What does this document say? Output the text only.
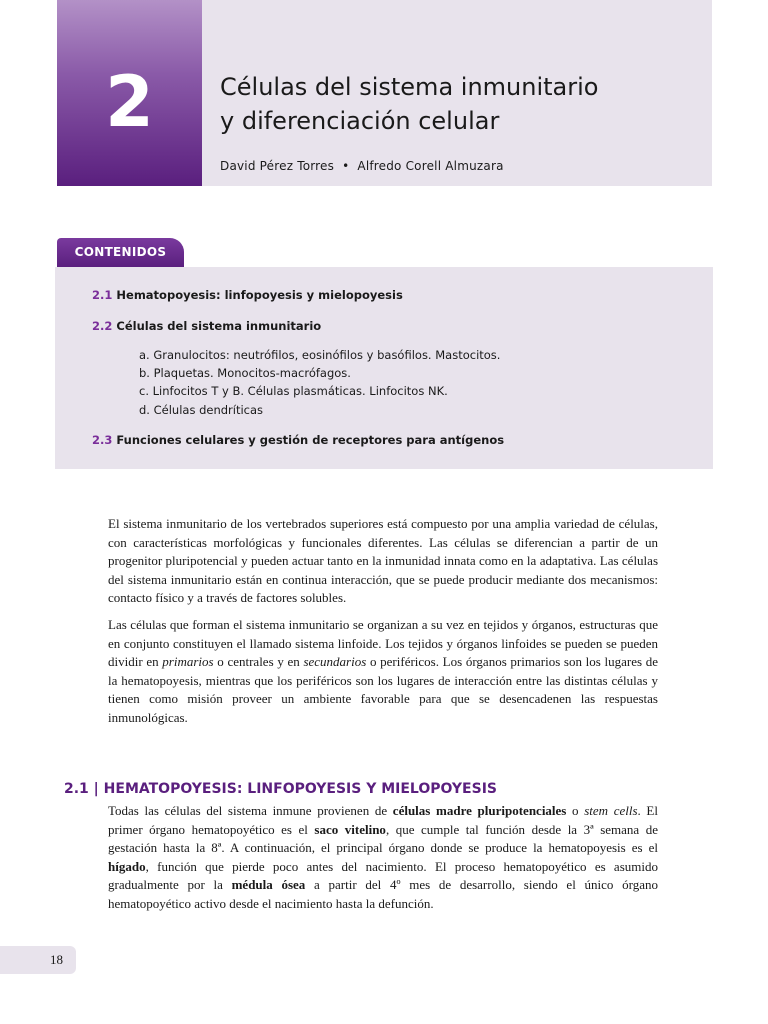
2	Células del sistema inmunitario
y diferenciación celular
David Pérez Torres  •  Alfredo Corell Almuzara
CONTENIDOS
2.1 Hematopoyesis: linfopoyesis y mielopoyesis
2.2 Células del sistema inmunitario
a. Granulocitos: neutrófilos, eosinófilos y basófilos. Mastocitos.
b. Plaquetas. Monocitos-macrófagos.
c. Linfocitos T y B. Células plasmáticas. Linfocitos NK.
d. Células dendríticas
2.3 Funciones celulares y gestión de receptores para antígenos

El sistema inmunitario de los vertebrados superiores está compuesto por una amplia variedad de células, con características morfológicas y funcionales diferentes. Las células se diferencian a partir de un progenitor pluripotencial y pueden actuar tanto en la inmunidad innata como en la adaptativa. Las células del sistema inmunitario están en continua interacción, que se puede producir mediante dos mecanismos: contacto físico y a través de factores solubles.

Las células que forman el sistema inmunitario se organizan a su vez en tejidos y órganos, estructuras que en conjunto constituyen el llamado sistema linfoide. Los tejidos y órganos linfoides se pueden se pueden dividir en primarios o centrales y en secundarios o periféricos. Los órganos primarios son los lugares de la hematopoyesis, mientras que los periféricos son los lugares de interacción entre las distintas células y tienen como misión proveer un ambiente favorable para que se desencadenen las respuestas inmunológicas.

2.1 | HEMATOPOYESIS: LINFOPOYESIS Y MIELOPOYESIS

Todas las células del sistema inmune provienen de células madre pluripotenciales o stem cells. El primer órgano hematopoyético es el saco vitelino, que cumple tal función desde la 3ª semana de gestación hasta la 8ª. A continuación, el principal órgano donde se produce la hematopoyesis es el hígado, función que pierde poco antes del nacimiento. El proceso hematopoyético es asumido gradualmente por la médula ósea a partir del 4º mes de desarrollo, siendo el único órgano hematopoyético activo desde el nacimiento hasta la defunción.

18
